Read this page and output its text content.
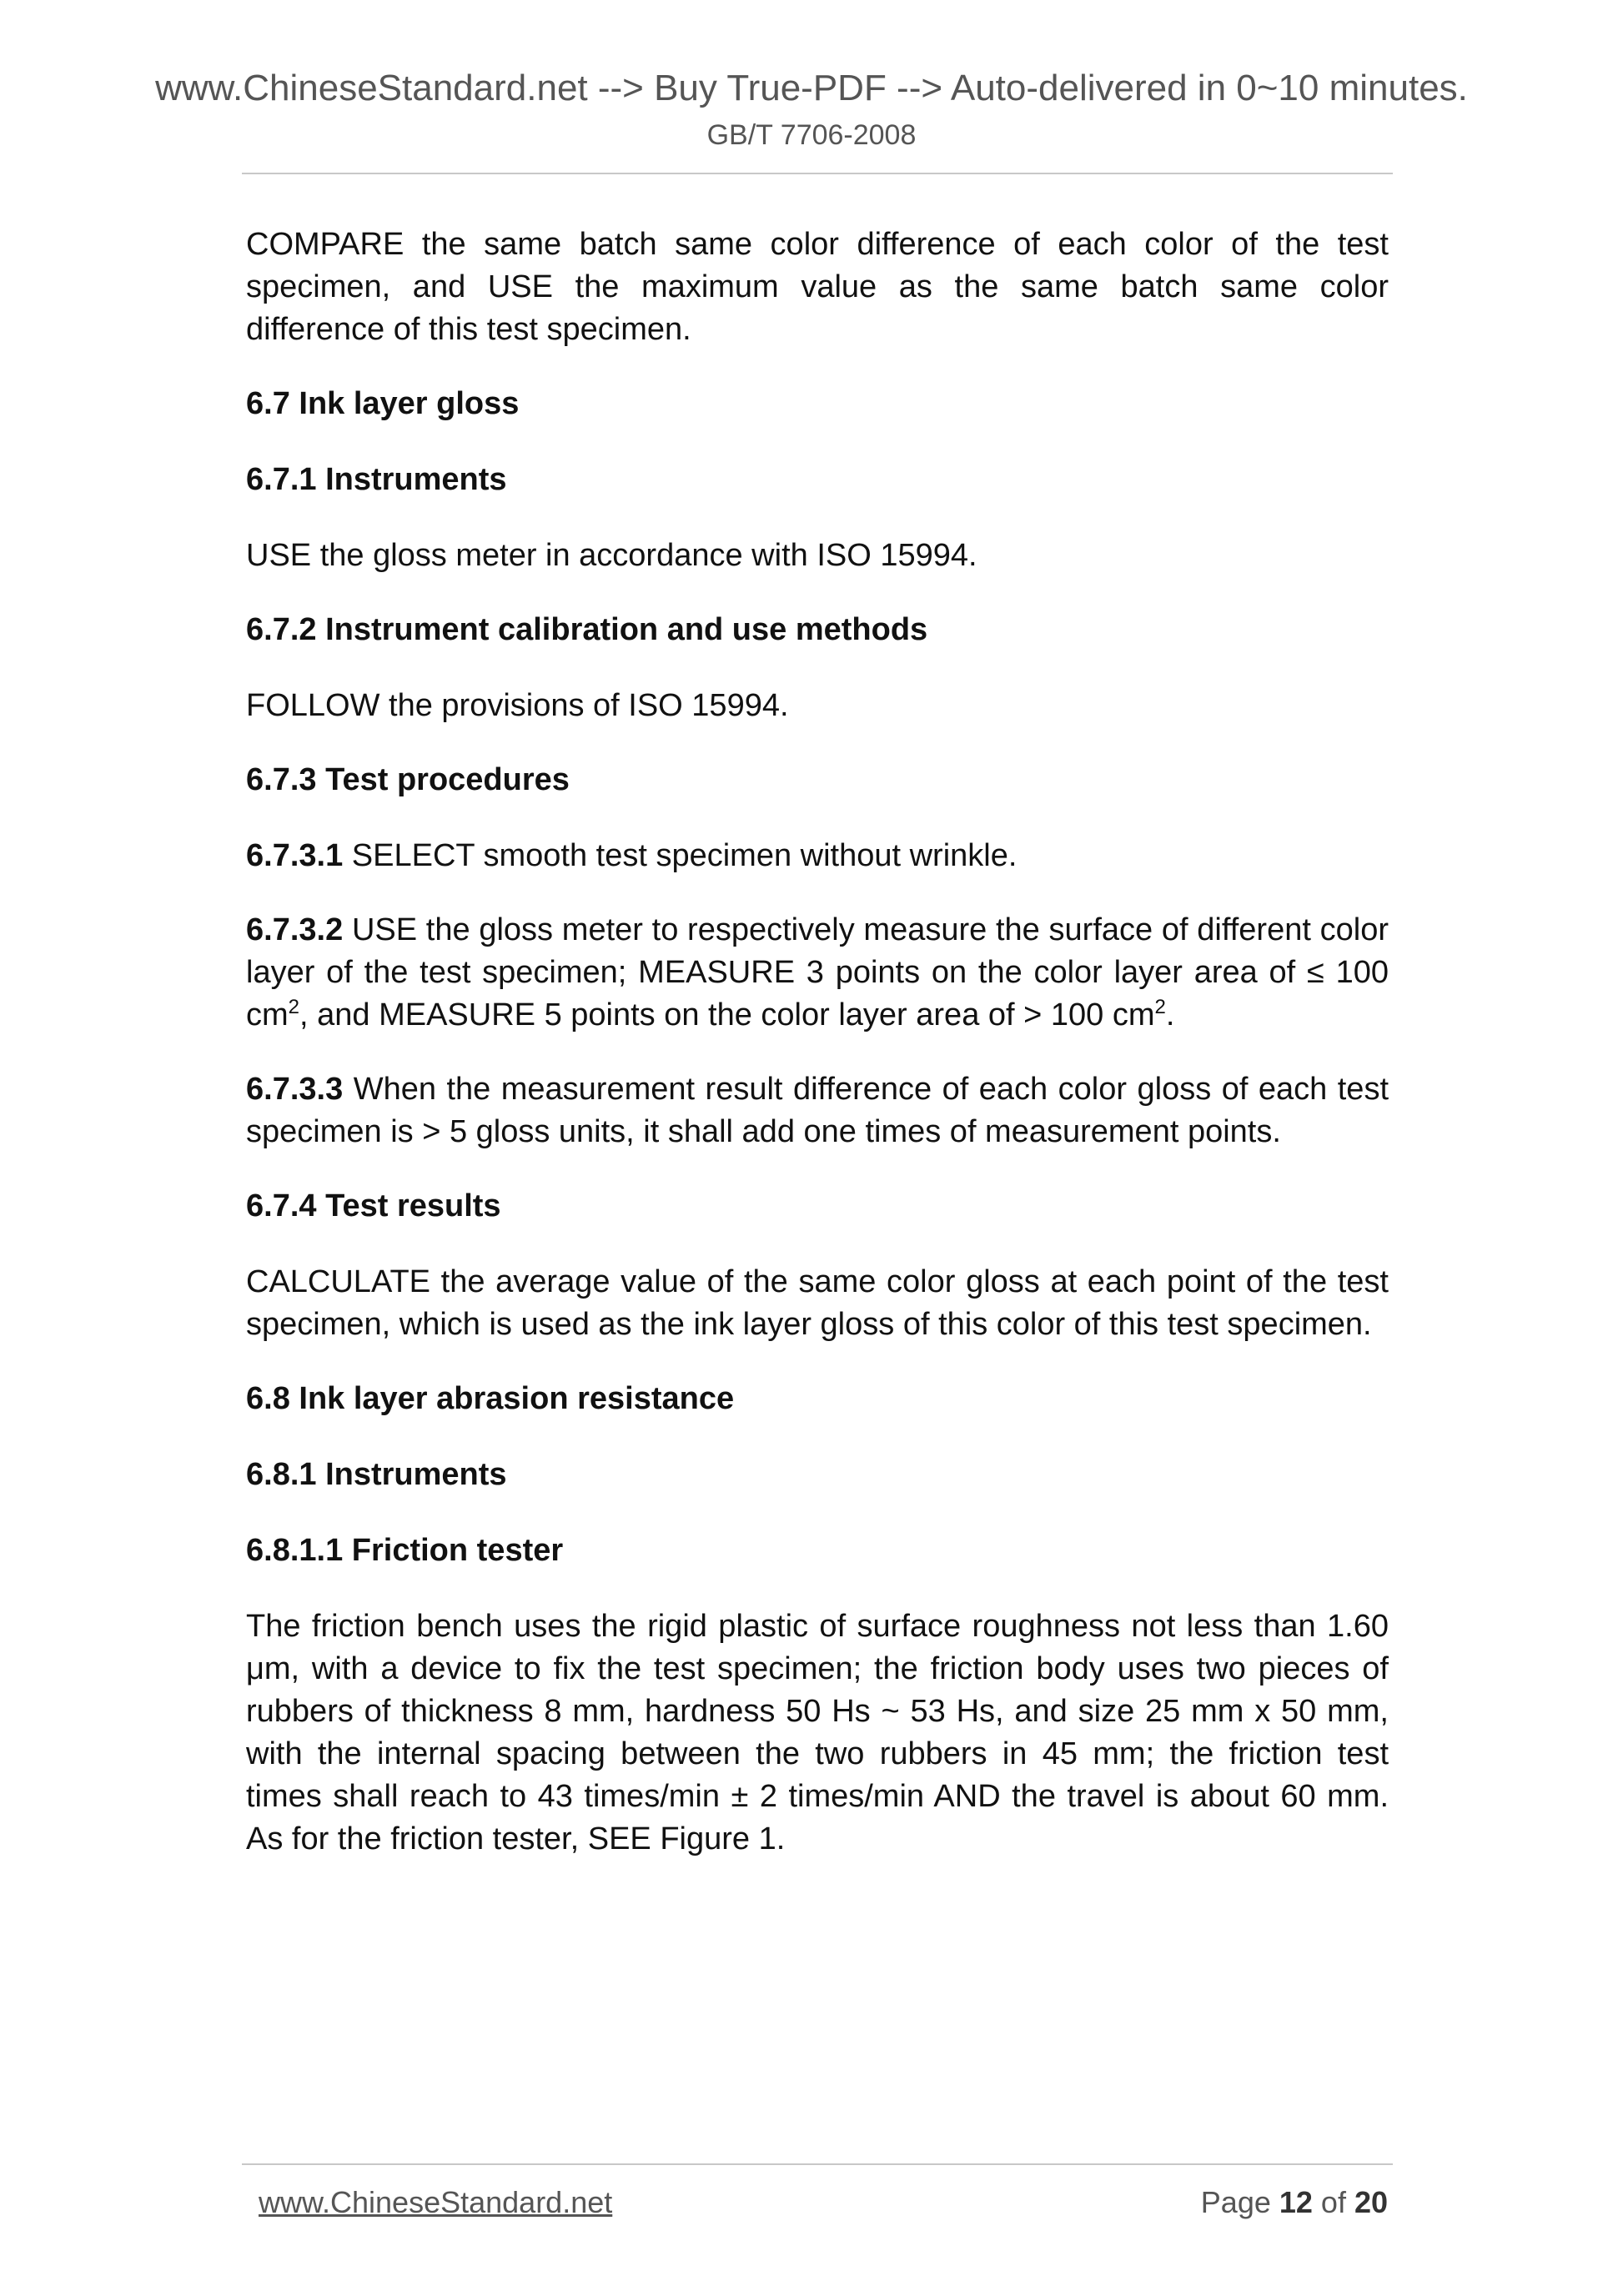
www.ChineseStandard.net --> Buy True-PDF --> Auto-delivered in 0~10 minutes.
GB/T 7706-2008

COMPARE the same batch same color difference of each color of the test specimen, and USE the maximum value as the same batch same color difference of this test specimen.

6.7 Ink layer gloss
6.7.1 Instruments

USE the gloss meter in accordance with ISO 15994.

6.7.2 Instrument calibration and use methods

FOLLOW the provisions of ISO 15994.

6.7.3 Test procedures

6.7.3.1 SELECT smooth test specimen without wrinkle.

6.7.3.2 USE the gloss meter to respectively measure the surface of different color layer of the test specimen; MEASURE 3 points on the color layer area of ≤ 100 $cm^2$, and MEASURE 5 points on the color layer area of > 100 $cm^2$.

6.7.3.3 When the measurement result difference of each color gloss of each test specimen is > 5 gloss units, it shall add one times of measurement points.

6.7.4 Test results

CALCULATE the average value of the same color gloss at each point of the test specimen, which is used as the ink layer gloss of this color of this test specimen.

6.8 Ink layer abrasion resistance
6.8.1 Instruments
6.8.1.1 Friction tester

The friction bench uses the rigid plastic of surface roughness not less than 1.60 μm, with a device to fix the test specimen; the friction body uses two pieces of rubbers of thickness 8 mm, hardness 50 Hs ~ 53 Hs, and size 25 mm x 50 mm, with the internal spacing between the two rubbers in 45 mm; the friction test times shall reach to 43 times/min ± 2 times/min AND the travel is about 60 mm. As for the friction tester, SEE Figure 1.

www.ChineseStandard.net	Page 12 of 20
